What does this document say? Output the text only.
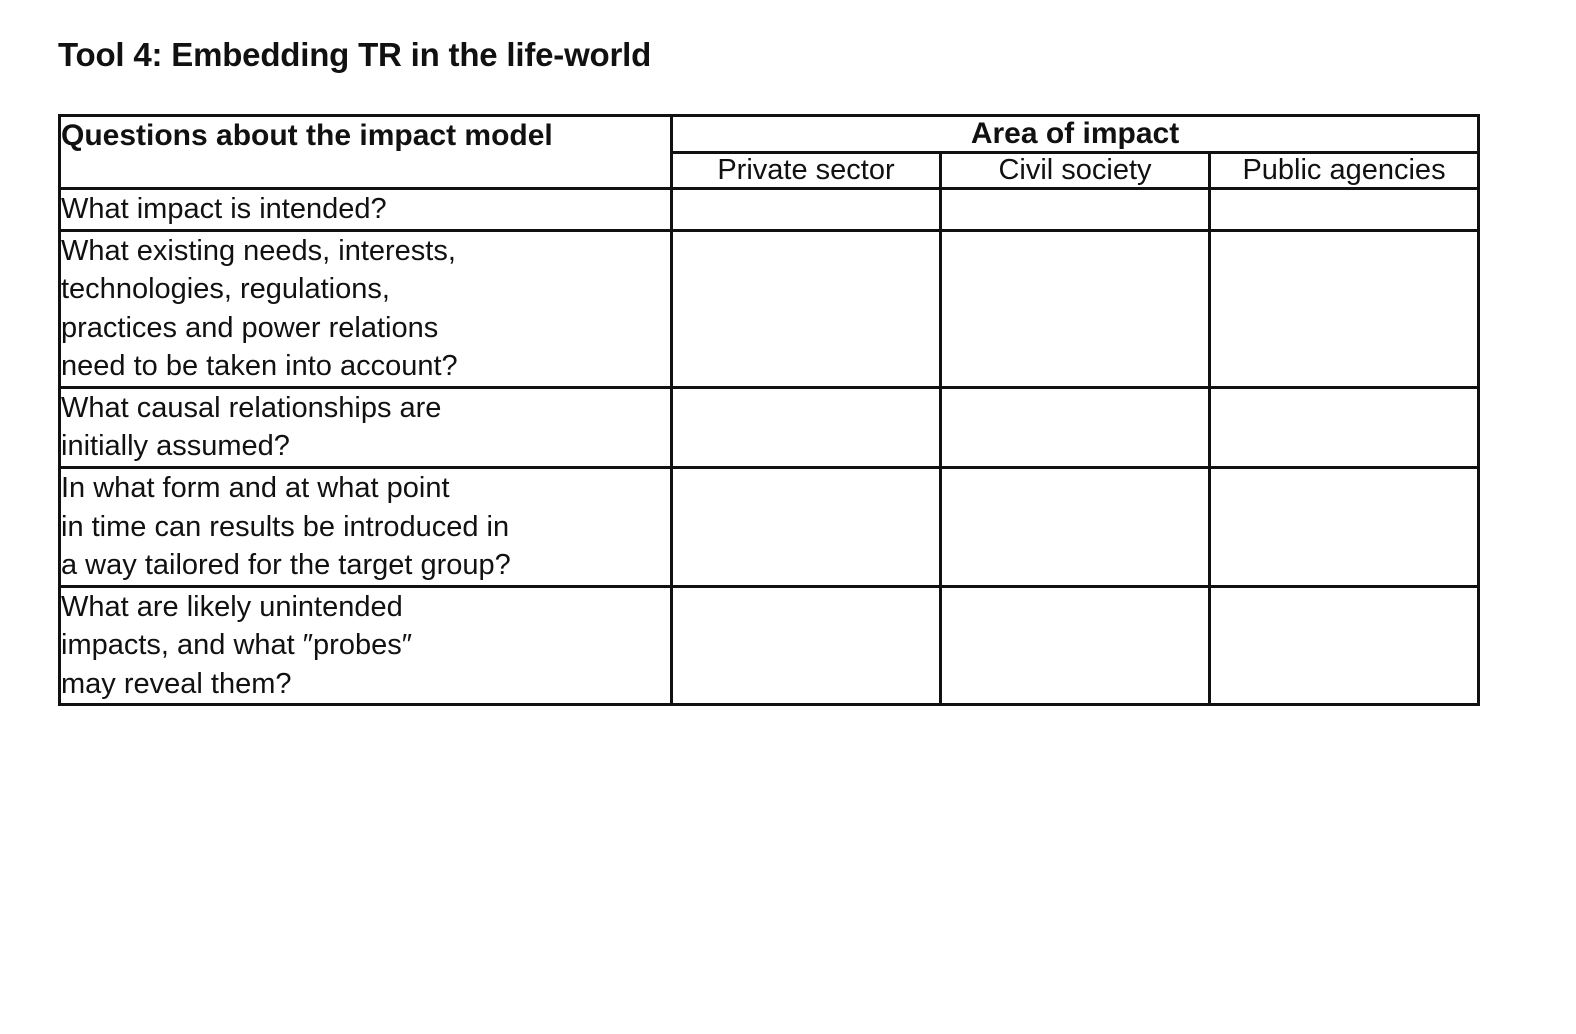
Tool 4: Embedding TR in the life-world
Questions about the impact model	Area of impact		
	Private sector	Civil society	Public agencies

What impact is intended?			

What existing needs, interests,
technologies, regulations,
practices and power relations
need to be taken into account?			

What causal relationships are
initially assumed?			

In what form and at what point
in time can results be introduced in
a way tailored for the target group?			

What are likely unintended
impacts, and what ″probes″
may reveal them?			
